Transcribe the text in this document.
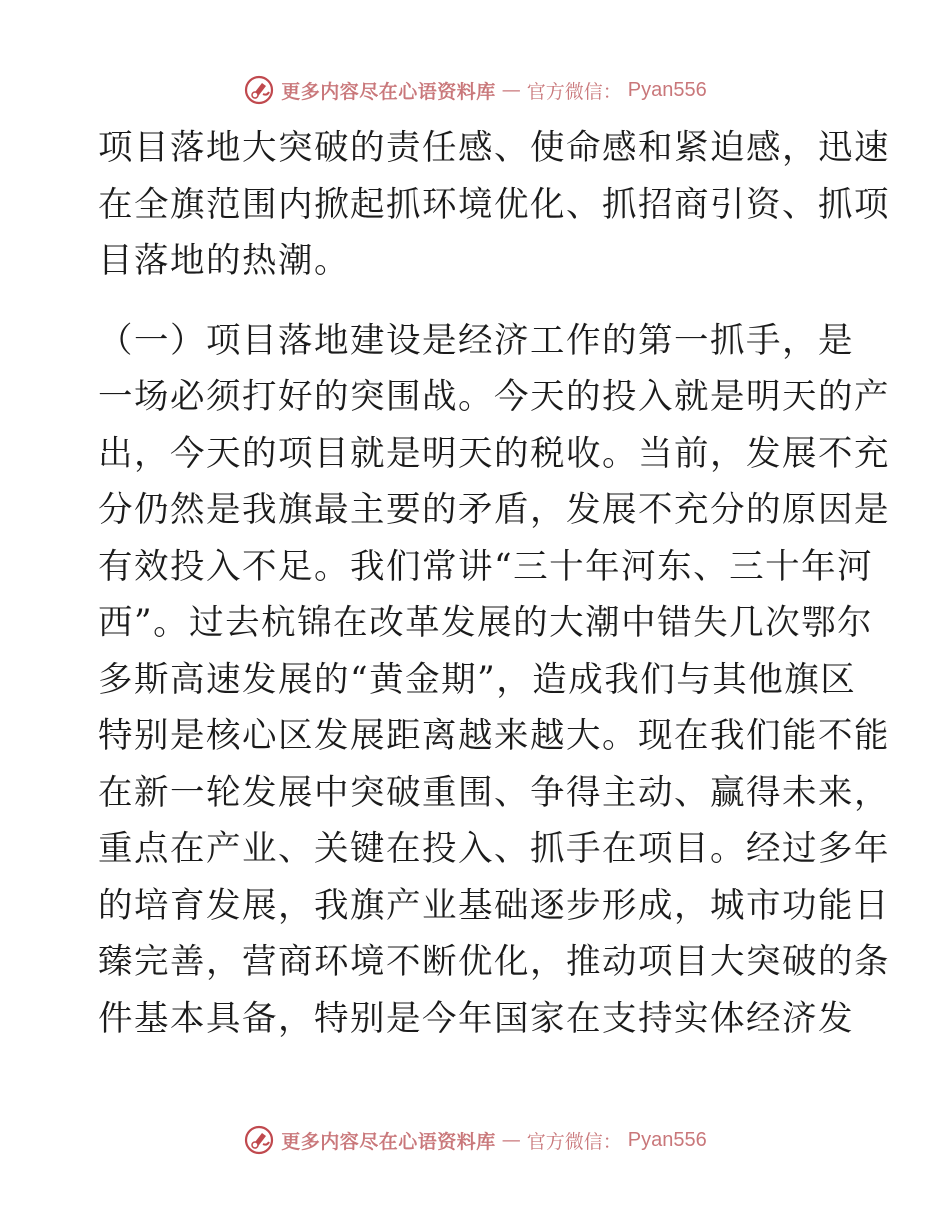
更多内容尽在心语资料库 — 官方微信： Pyan556
项目落地大突破的责任感、使命感和紧迫感，迅速
在全旗范围内掀起抓环境优化、抓招商引资、抓项
目落地的热潮。
（一）项目落地建设是经济工作的第一抓手，是
一场必须打好的突围战。今天的投入就是明天的产
出，今天的项目就是明天的税收。当前，发展不充
分仍然是我旗最主要的矛盾，发展不充分的原因是
有效投入不足。我们常讲“三十年河东、三十年河
西”。过去杭锦在改革发展的大潮中错失几次鄂尔
多斯高速发展的“黄金期”，造成我们与其他旗区
特别是核心区发展距离越来越大。现在我们能不能
在新一轮发展中突破重围、争得主动、赢得未来，
重点在产业、关键在投入、抓手在项目。经过多年
的培育发展，我旗产业基础逐步形成，城市功能日
臻完善，营商环境不断优化，推动项目大突破的条
件基本具备，特别是今年国家在支持实体经济发
更多内容尽在心语资料库 — 官方微信： Pyan556
